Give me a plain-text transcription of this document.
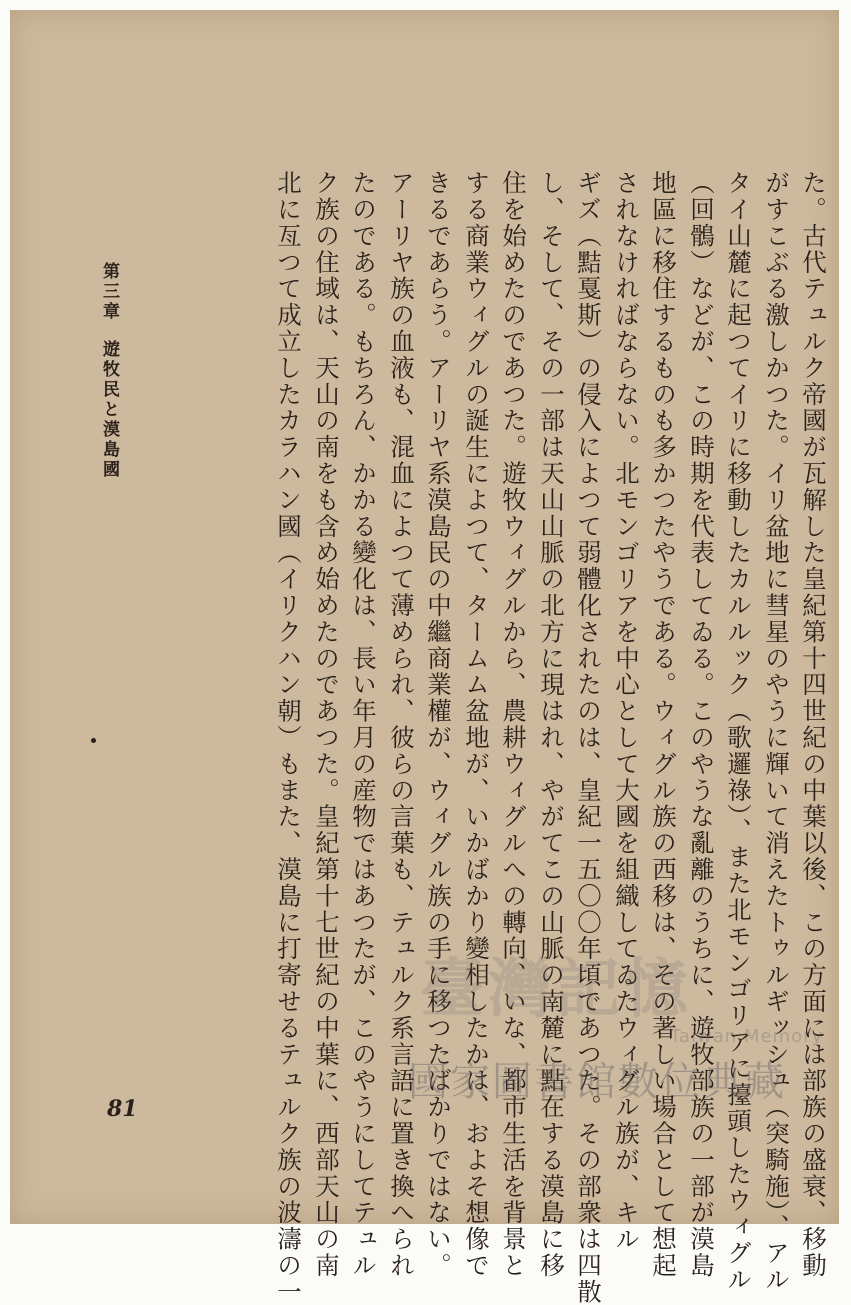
た。古代テュルク帝國が瓦解した皇紀第十四世紀の中葉以後、この方面には部族の盛衰、移動
がすこぶる激しかつた。イリ盆地に彗星のやうに輝いて消えたトゥルギッシュ（突騎施）、アル
タイ山麓に起つてイリに移動したカルルック（歌邏祿）、また北モンゴリアに擡頭したウィグル
（回鶻）などが、この時期を代表してゐる。このやうな亂離のうちに、遊牧部族の一部が漠島
地區に移住するものも多かつたやうである。ウィグル族の西移は、その著しい場合として想起
されなければならない。北モンゴリアを中心として大國を組織してゐたウィグル族が、キル
ギズ（黠戛斯）の侵入によつて弱體化されたのは、皇紀一五〇〇年頃であつた。その部衆は四散
し、そして、その一部は天山山脈の北方に現はれ、やがてこの山脈の南麓に點在する漠島に移
住を始めたのであつた。遊牧ウィグルから、農耕ウィグルへの轉向、いな、都市生活を背景と
する商業ウィグルの誕生によつて、タームム盆地が、いかばかり變相したかは、およそ想像で
きるであらう。アーリヤ系漠島民の中繼商業權が、ウィグル族の手に移つたばかりではない。
アーリヤ族の血液も、混血によつて薄められ、彼らの言葉も、テュルク系言語に置き換へられ
たのである。もちろん、かかる變化は、長い年月の産物ではあつたが、このやうにしてテュル
ク族の住域は、天山の南をも含め始めたのであつた。皇紀第十七世紀の中葉に、西部天山の南
北に亙つて成立したカラハン國（イリクハン朝）もまた、漠島に打寄せるテュルク族の波濤の一
第三章遊牧民と漠島國
81
臺灣記憶
Taiwan Memory
國家圖書館數位典藏
